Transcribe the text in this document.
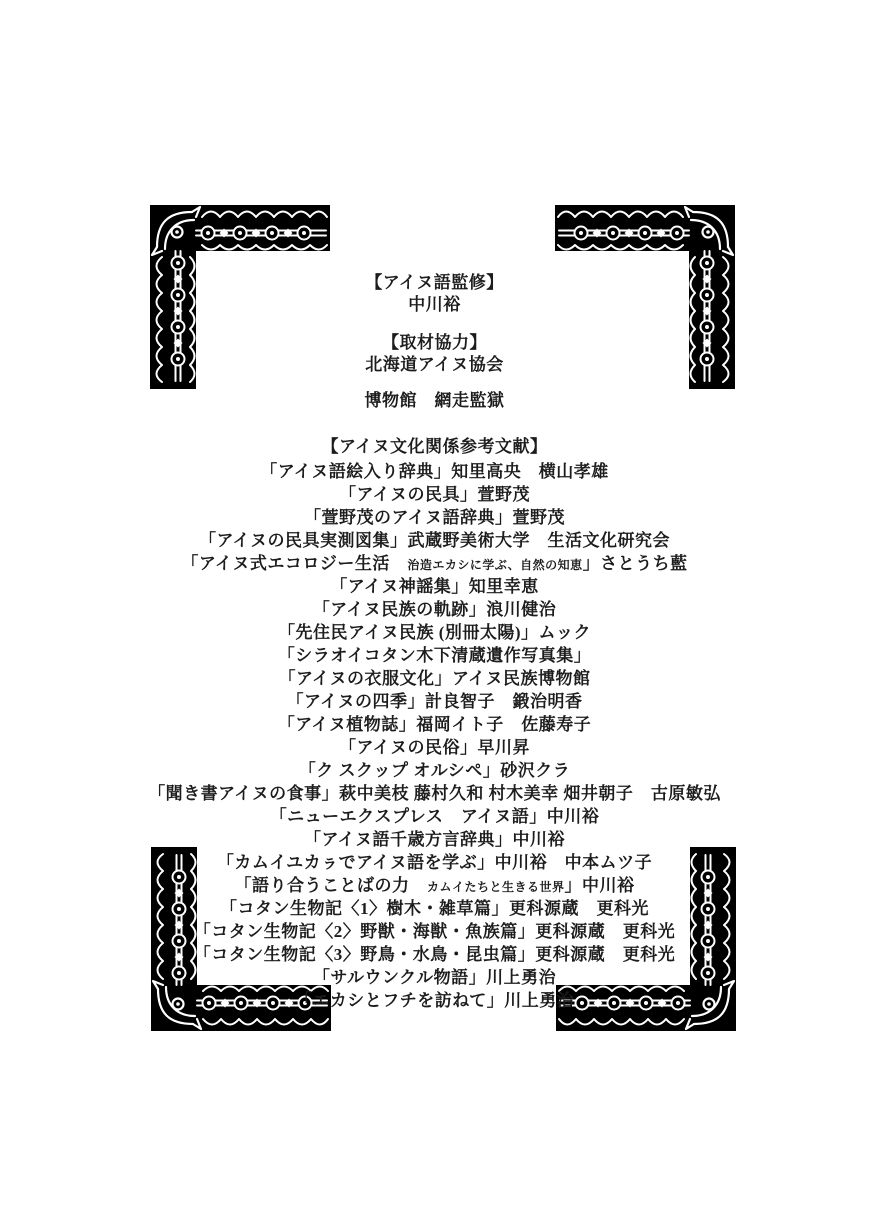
【アイヌ語監修】
中川裕
【取材協力】
北海道アイヌ協会
博物館　網走監獄
【アイヌ文化関係参考文献】
「アイヌ語絵入り辞典」知里高央　横山孝雄
「アイヌの民具」萱野茂
「萱野茂のアイヌ語辞典」萱野茂
「アイヌの民具実測図集」武蔵野美術大学　生活文化研究会
「アイヌ式エコロジー生活　治造エカシに学ぶ、自然の知恵」さとうち藍
「アイヌ神謡集」知里幸恵
「アイヌ民族の軌跡」浪川健治
「先住民アイヌ民族 (別冊太陽)」ムック
「シラオイコタン木下清蔵遺作写真集」
「アイヌの衣服文化」アイヌ民族博物館
「アイヌの四季」計良智子　鍛治明香
「アイヌ植物誌」福岡イト子　佐藤寿子
「アイヌの民俗」早川昇
「ク スクップ オルシペ」砂沢クラ
「聞き書アイヌの食事」萩中美枝 藤村久和 村木美幸 畑井朝子　古原敏弘
「ニューエクスプレス　アイヌ語」中川裕
「アイヌ語千歳方言辞典」中川裕
「カムイユカㇻでアイヌ語を学ぶ」中川裕　中本ムツ子
「語り合うことばの力　カムイたちと生きる世界」中川裕
「コタン生物記〈1〉樹木・雑草篇」更科源蔵　更科光
「コタン生物記〈2〉野獣・海獣・魚族篇」更科源蔵　更科光
「コタン生物記〈3〉野鳥・水鳥・昆虫篇」更科源蔵　更科光
「サルウンクル物語」川上勇治
「エカシとフチを訪ねて」川上勇治
